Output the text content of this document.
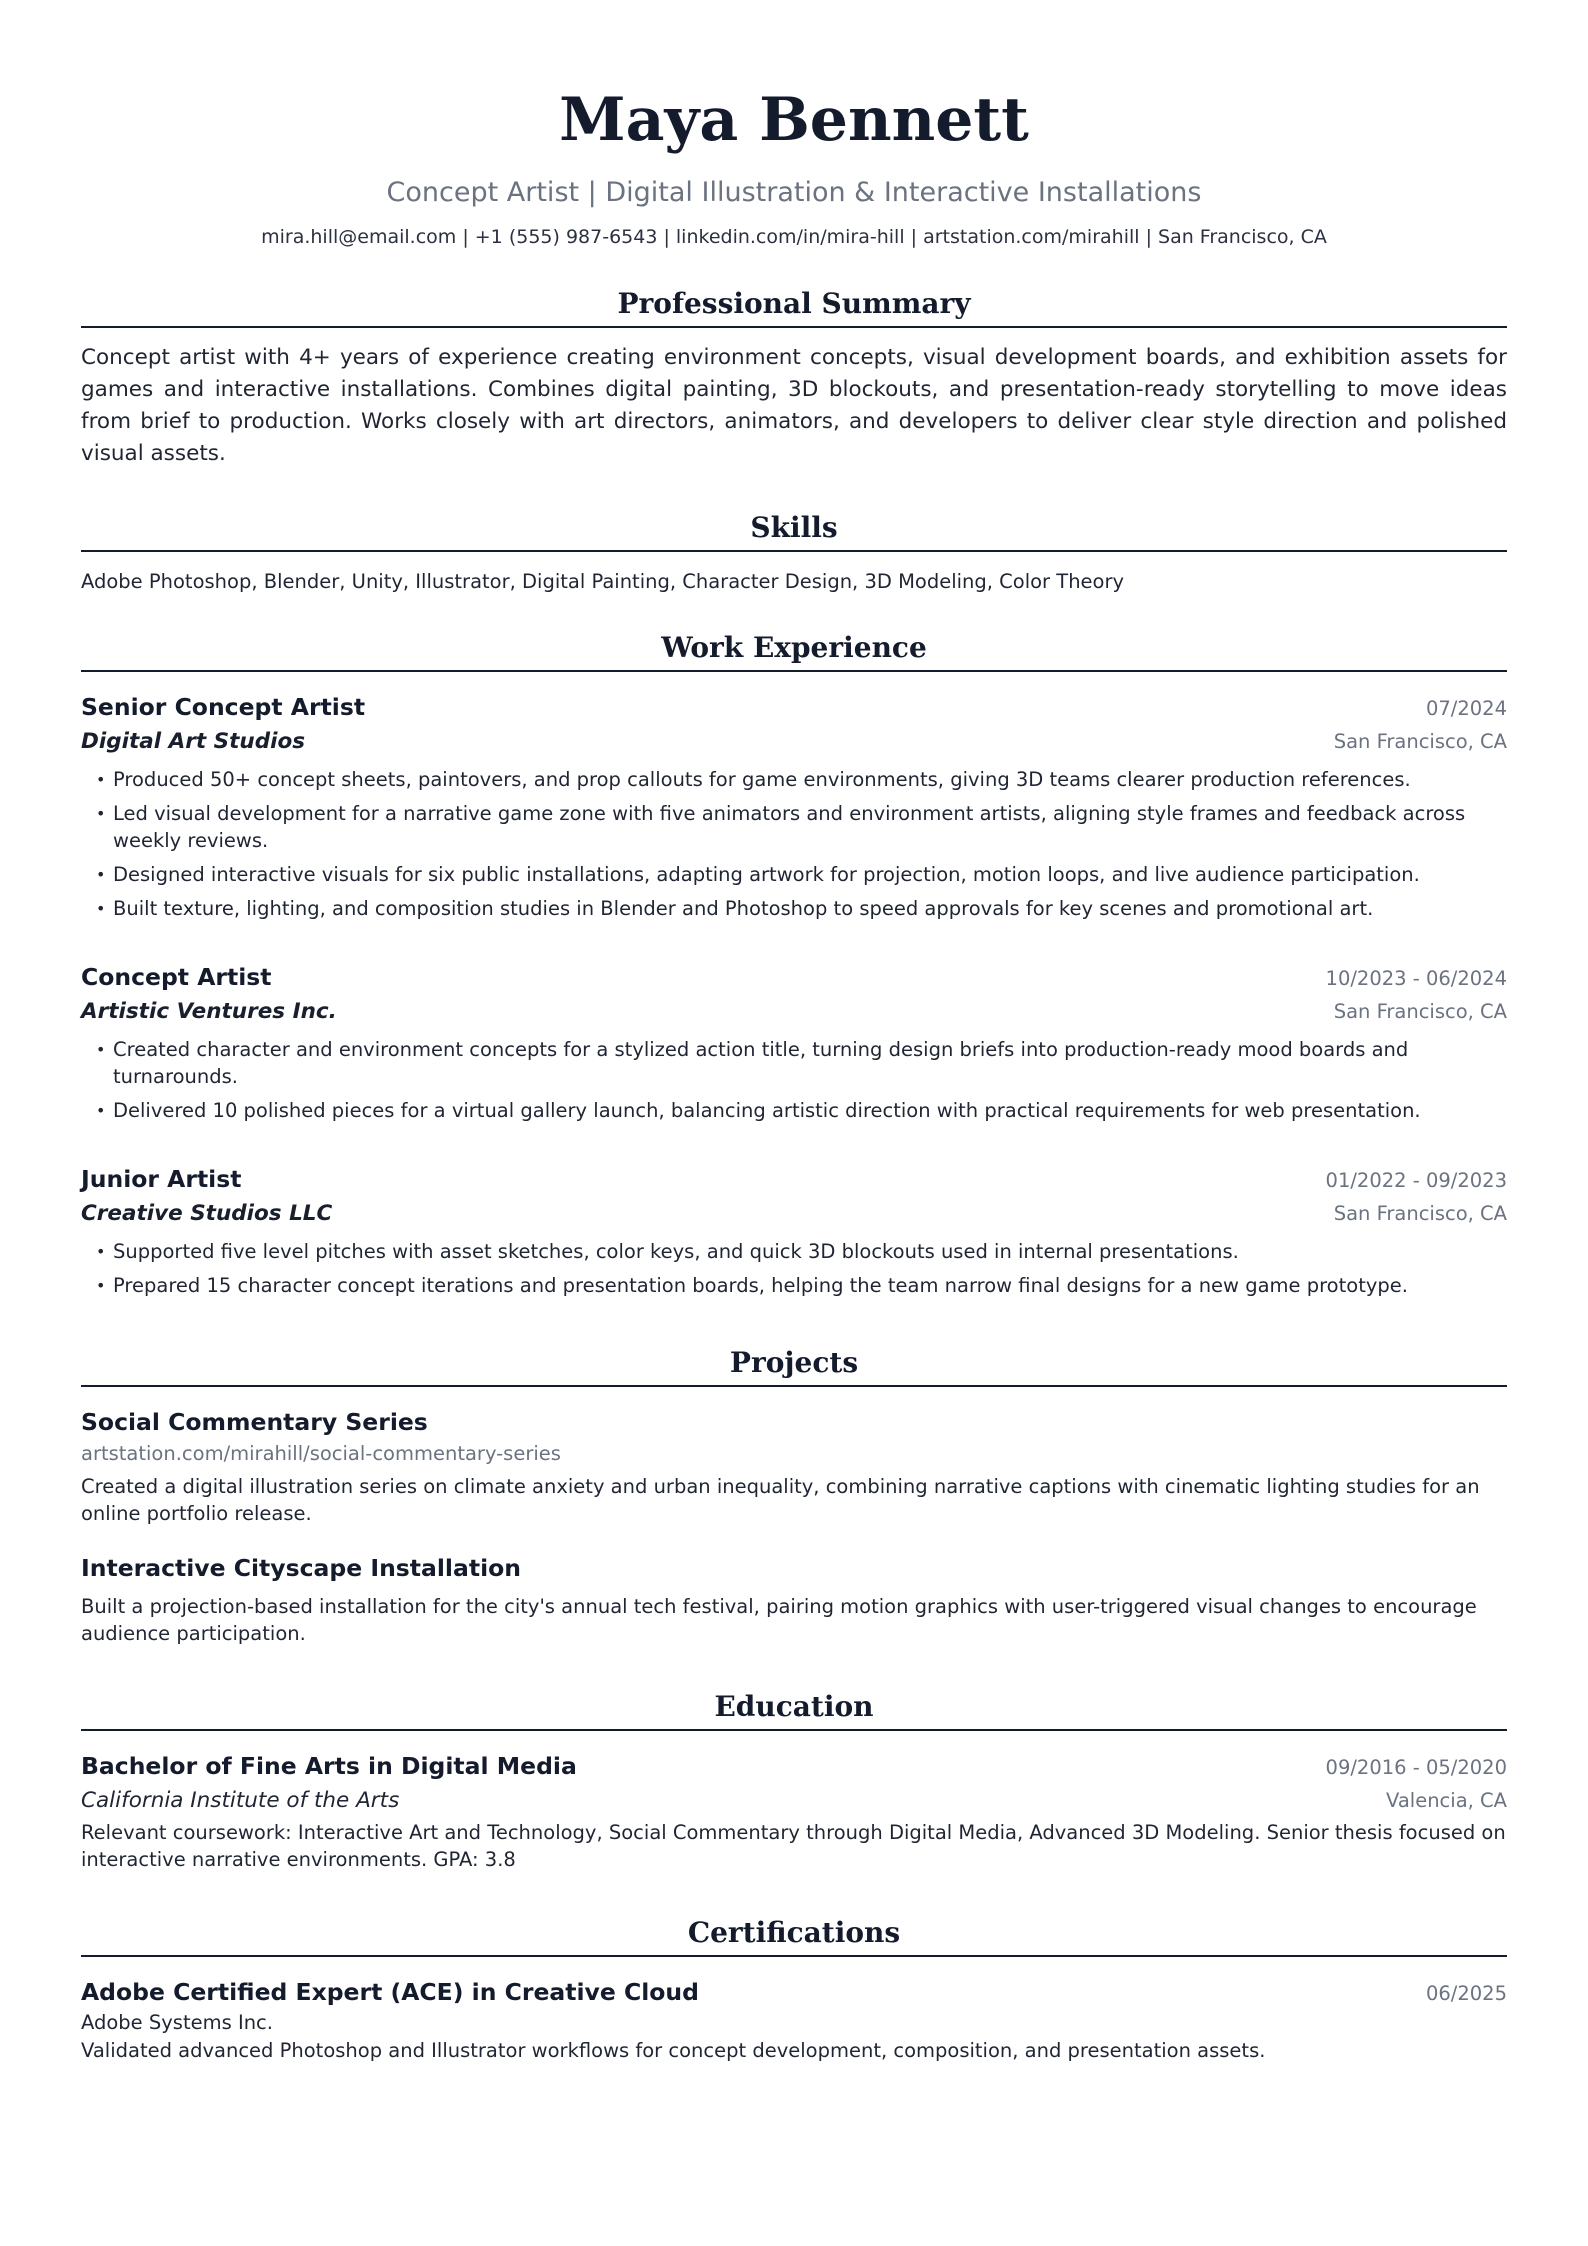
Maya Bennett
Concept Artist | Digital Illustration & Interactive Installations
mira.hill@email.com | +1 (555) 987-6543 | linkedin.com/in/mira-hill | artstation.com/mirahill | San Francisco, CA
Professional Summary

Concept artist with 4+ years of experience creating environment concepts, visual development boards, and exhibition assets for games and interactive installations. Combines digital painting, 3D blockouts, and presentation-ready storytelling to move ideas from brief to production. Works closely with art directors, animators, and developers to deliver clear style direction and polished visual assets.

Skills
Adobe Photoshop, Blender, Unity, Illustrator, Digital Painting, Character Design, 3D Modeling, Color Theory
Work Experience
Senior Concept Artist	07/2024
Digital Art Studios	San Francisco, CA
• Produced 50+ concept sheets, paintovers, and prop callouts for game environments, giving 3D teams clearer production references.
• Led visual development for a narrative game zone with five animators and environment artists, aligning style frames and feedback across weekly reviews.
• Designed interactive visuals for six public installations, adapting artwork for projection, motion loops, and live audience participation.
• Built texture, lighting, and composition studies in Blender and Photoshop to speed approvals for key scenes and promotional art.
Concept Artist	10/2023 - 06/2024
Artistic Ventures Inc.	San Francisco, CA
• Created character and environment concepts for a stylized action title, turning design briefs into production-ready mood boards and turnarounds.
• Delivered 10 polished pieces for a virtual gallery launch, balancing artistic direction with practical requirements for web presentation.
Junior Artist	01/2022 - 09/2023
Creative Studios LLC	San Francisco, CA
• Supported five level pitches with asset sketches, color keys, and quick 3D blockouts used in internal presentations.
• Prepared 15 character concept iterations and presentation boards, helping the team narrow final designs for a new game prototype.
Projects
Social Commentary Series
artstation.com/mirahill/social-commentary-series
Created a digital illustration series on climate anxiety and urban inequality, combining narrative captions with cinematic lighting studies for an online portfolio release.
Interactive Cityscape Installation
Built a projection-based installation for the city's annual tech festival, pairing motion graphics with user-triggered visual changes to encourage audience participation.
Education
Bachelor of Fine Arts in Digital Media	09/2016 - 05/2020
California Institute of the Arts	Valencia, CA
Relevant coursework: Interactive Art and Technology, Social Commentary through Digital Media, Advanced 3D Modeling. Senior thesis focused on interactive narrative environments. GPA: 3.8
Certifications
Adobe Certified Expert (ACE) in Creative Cloud	06/2025
Adobe Systems Inc.
Validated advanced Photoshop and Illustrator workflows for concept development, composition, and presentation assets.
